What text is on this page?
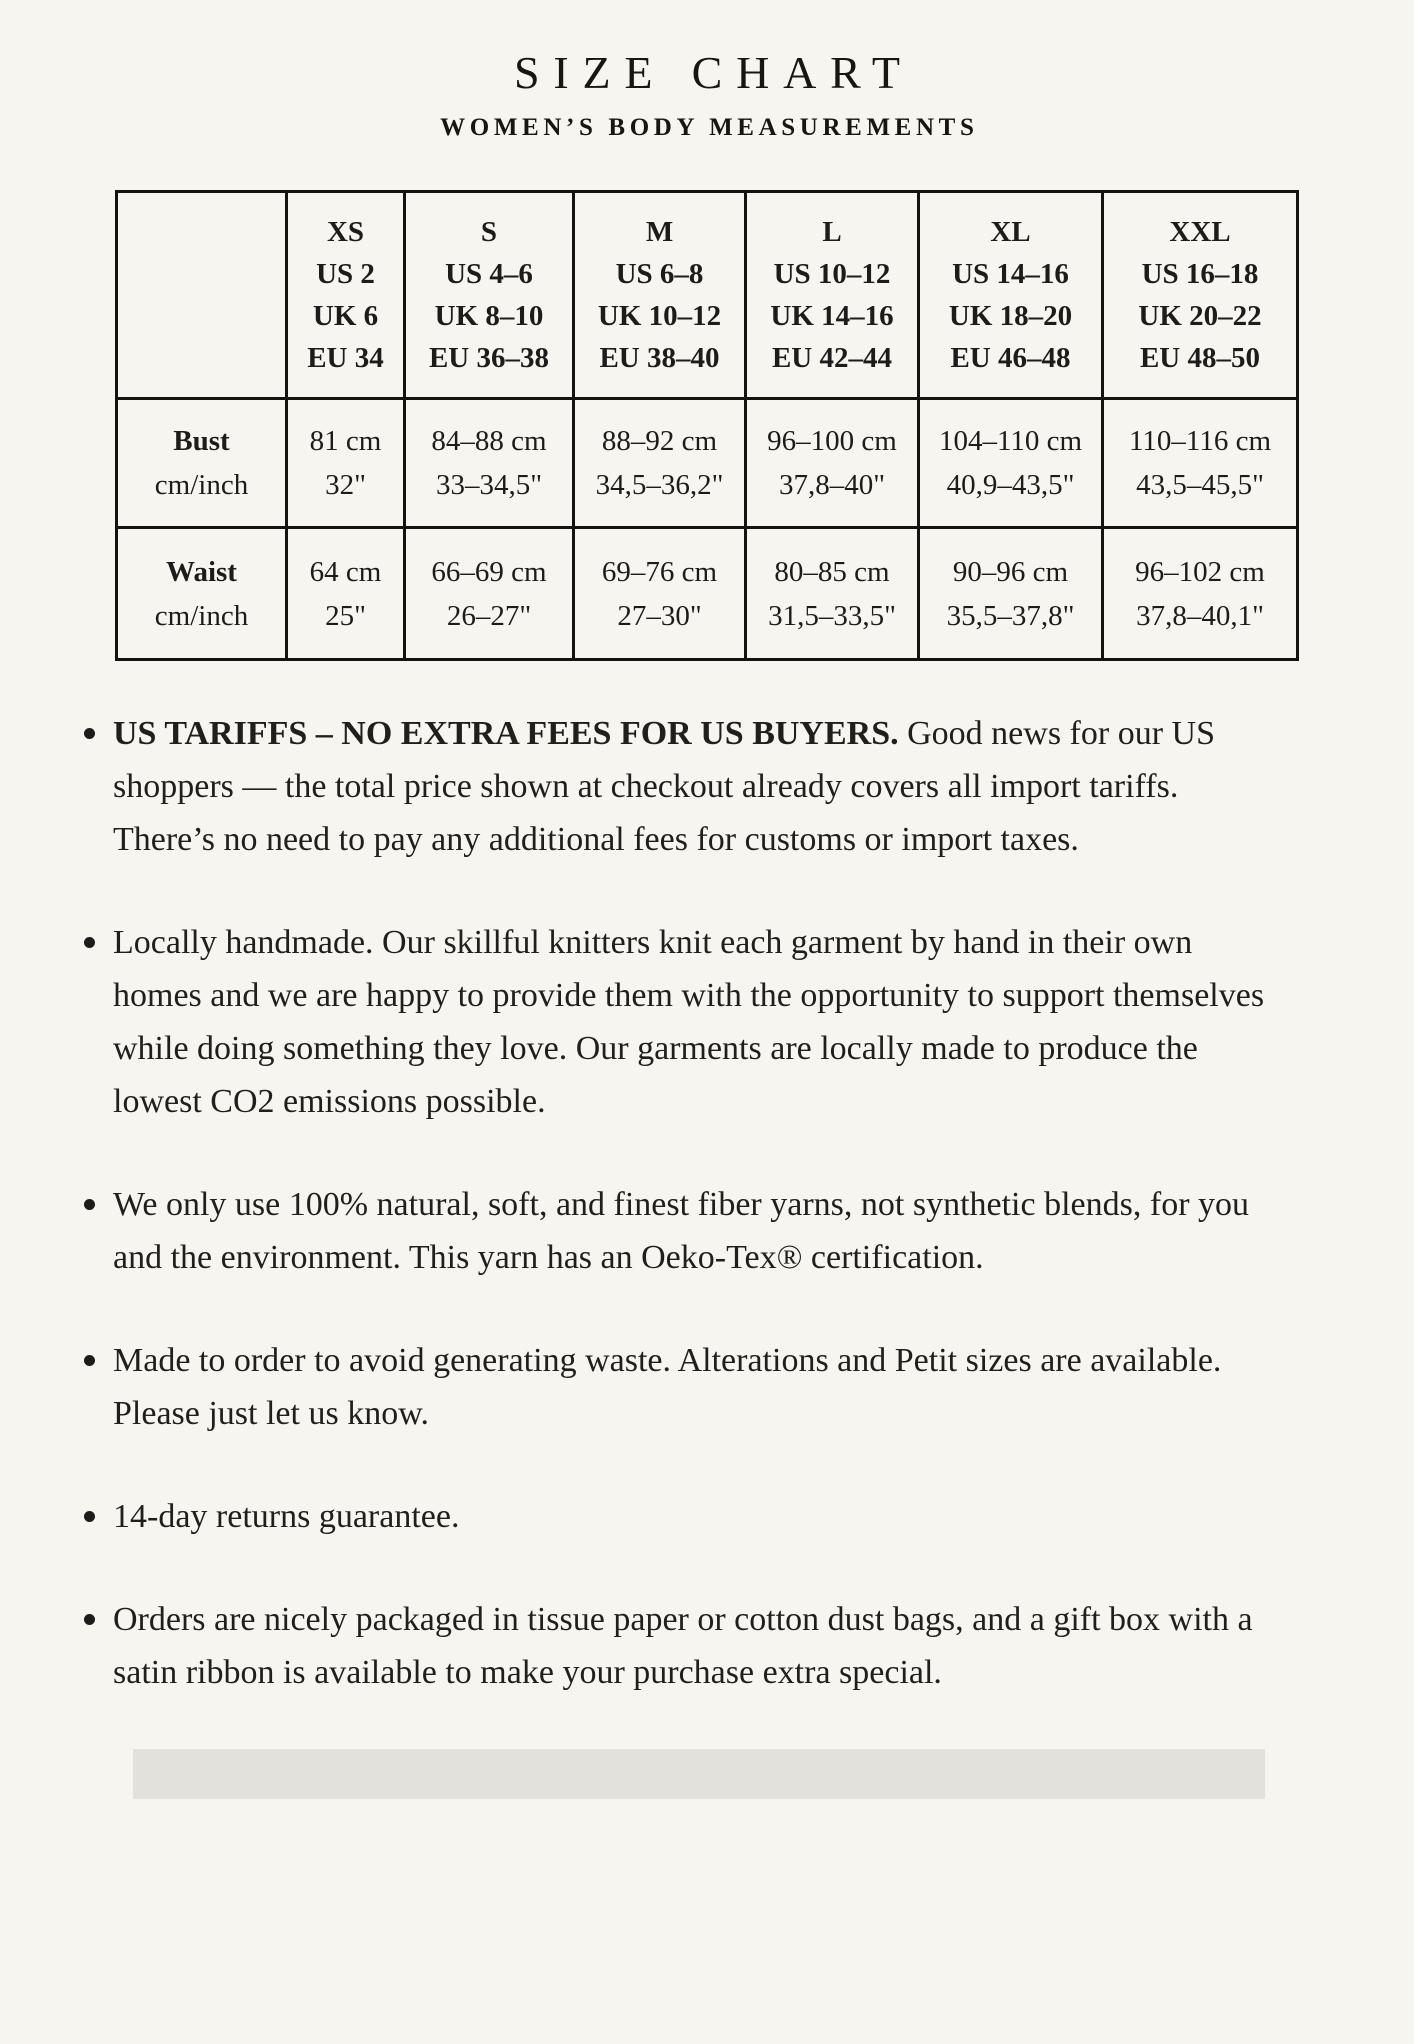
SIZE CHART
WOMEN’S BODY MEASUREMENTS

	XS
US 2
UK 6
EU 34	S
US 4–6
UK 8–10
EU 36–38	M
US 6–8
UK 10–12
EU 38–40	L
US 10–12
UK 14–16
EU 42–44	XL
US 14–16
UK 18–20
EU 46–48	XXL
US 16–18
UK 20–22
EU 48–50

Bust
cm/inch	81 cm
32"	84–88 cm
33–34,5"	88–92 cm
34,5–36,2"	96–100 cm
37,8–40"	104–110 cm
40,9–43,5"	110–116 cm
43,5–45,5"

Waist
cm/inch	64 cm
25"	66–69 cm
26–27"	69–76 cm
27–30"	80–85 cm
31,5–33,5"	90–96 cm
35,5–37,8"	96–102 cm
37,8–40,1"
US TARIFFS – NO EXTRA FEES FOR US BUYERS. Good news for our US shoppers — the total price shown at checkout already covers all import tariffs. There’s no need to pay any additional fees for customs or import taxes.
Locally handmade. Our skillful knitters knit each garment by hand in their own homes and we are happy to provide them with the opportunity to support themselves while doing something they love. Our garments are locally made to produce the lowest CO2 emissions possible.
We only use 100% natural, soft, and finest fiber yarns, not synthetic blends, for you and the environment. This yarn has an Oeko-Tex® certification.
Made to order to avoid generating waste. Alterations and Petit sizes are available. Please just let us know.
14-day returns guarantee.
Orders are nicely packaged in tissue paper or cotton dust bags, and a gift box with a satin ribbon is available to make your purchase extra special.
